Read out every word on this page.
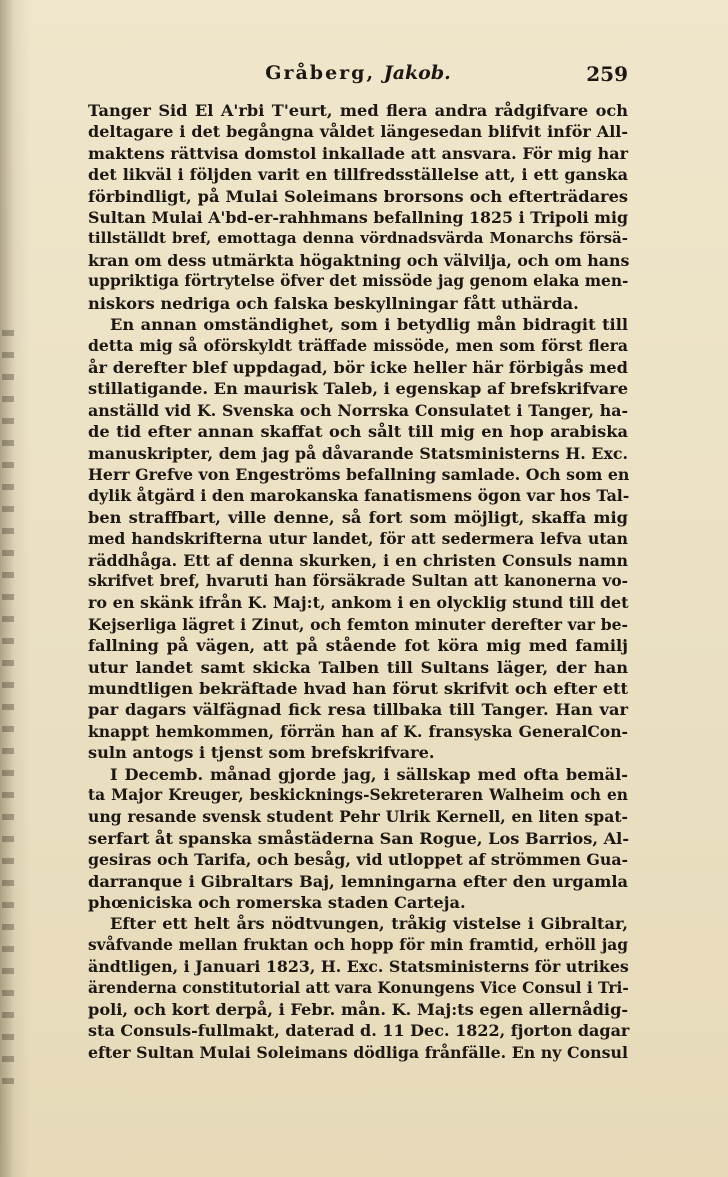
Gråberg, Jakob.	259
Tanger Sid El A'rbi T'eurt, med flera andra rådgifvare och
deltagare i det begångna våldet längesedan blifvit inför All-
maktens rättvisa domstol inkallade att ansvara. För mig har
det likväl i följden varit en tillfredsställelse att, i ett ganska
förbindligt, på Mulai Soleimans brorsons och efterträdares
Sultan Mulai A'bd-er-rahhmans befallning 1825 i Tripoli mig
tillställdt bref, emottaga denna vördnadsvärda Monarchs försä-
kran om dess utmärkta högaktning och välvilja, och om hans
uppriktiga förtrytelse öfver det missöde jag genom elaka men-
niskors nedriga och falska beskyllningar fått uthärda.
En annan omständighet, som i betydlig mån bidragit till
detta mig så oförskyldt träffade missöde, men som först flera
år derefter blef uppdagad, bör icke heller här förbigås med
stillatigande. En maurisk Taleb, i egenskap af brefskrifvare
anställd vid K. Svenska och Norrska Consulatet i Tanger, ha-
de tid efter annan skaffat och sålt till mig en hop arabiska
manuskripter, dem jag på dåvarande Statsministerns H. Exc.
Herr Grefve von Engeströms befallning samlade. Och som en
dylik åtgärd i den marokanska fanatismens ögon var hos Tal-
ben straffbart, ville denne, så fort som möjligt, skaffa mig
med handskrifterna utur landet, för att sedermera lefva utan
räddhåga. Ett af denna skurken, i en christen Consuls namn
skrifvet bref, hvaruti han försäkrade Sultan att kanonerna vo-
ro en skänk ifrån K. Maj:t, ankom i en olycklig stund till det
Kejserliga lägret i Zinut, och femton minuter derefter var be-
fallning på vägen, att på stående fot köra mig med familj
utur landet samt skicka Talben till Sultans läger, der han
mundtligen bekräftade hvad han förut skrifvit och efter ett
par dagars välfägnad fick resa tillbaka till Tanger. Han var
knappt hemkommen, förrän han af K. fransyska GeneralCon-
suln antogs i tjenst som brefskrifvare.
I Decemb. månad gjorde jag, i sällskap med ofta bemäl-
ta Major Kreuger, beskicknings-Sekreteraren Walheim och en
ung resande svensk student Pehr Ulrik Kernell, en liten spat-
serfart åt spanska småstäderna San Rogue, Los Barrios, Al-
gesiras och Tarifa, och besåg, vid utloppet af strömmen Gua-
darranque i Gibraltars Baj, lemningarna efter den urgamla
phœniciska och romerska staden Carteja.
Efter ett helt års nödtvungen, tråkig vistelse i Gibraltar,
svåfvande mellan fruktan och hopp för min framtid, erhöll jag
ändtligen, i Januari 1823, H. Exc. Statsministerns för utrikes
ärenderna constitutorial att vara Konungens Vice Consul i Tri-
poli, och kort derpå, i Febr. mån. K. Maj:ts egen allernådig-
sta Consuls-fullmakt, daterad d. 11 Dec. 1822, fjorton dagar
efter Sultan Mulai Soleimans dödliga frånfälle. En ny Consul
